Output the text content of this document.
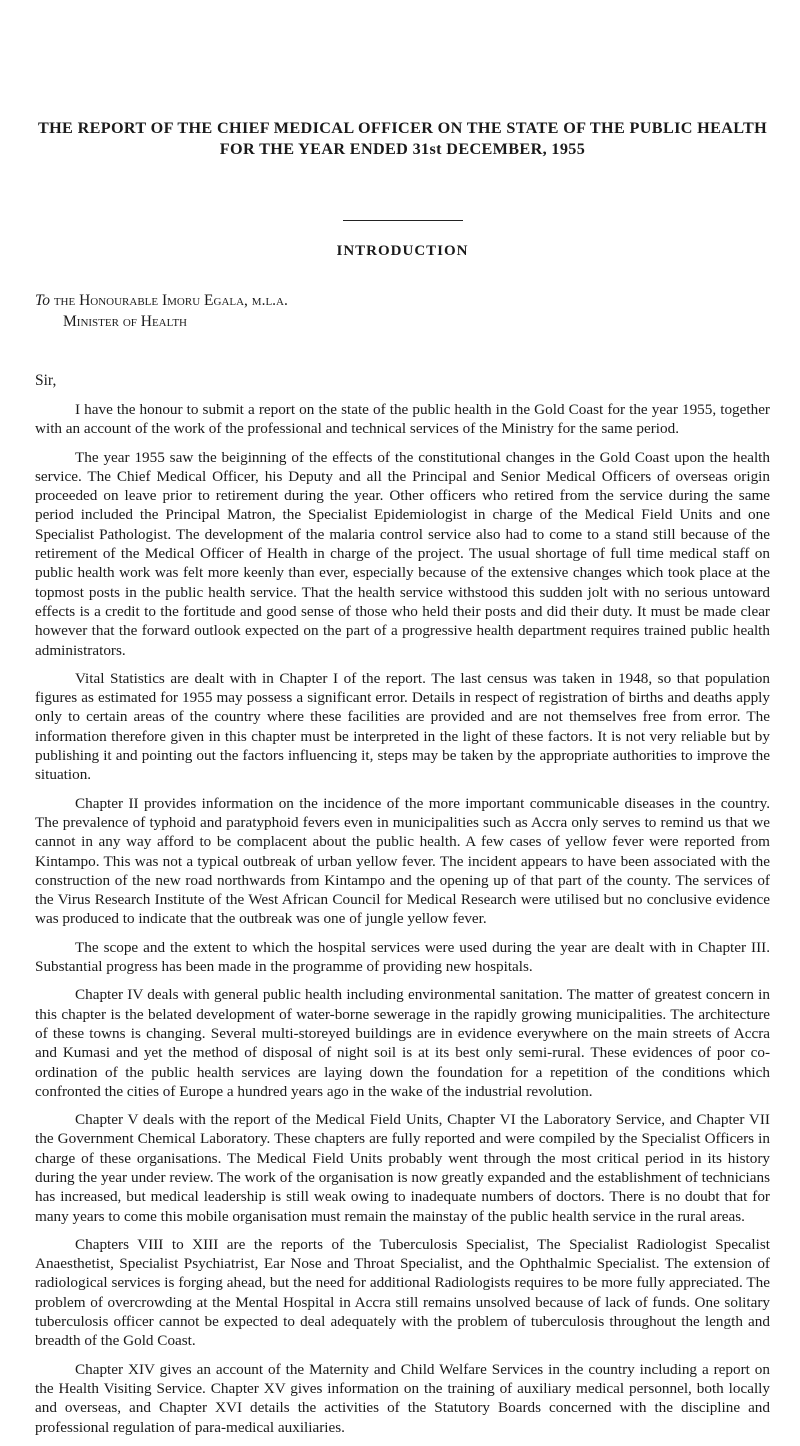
THE REPORT OF THE CHIEF MEDICAL OFFICER ON THE STATE OF THE PUBLIC HEALTH FOR THE YEAR ENDED 31st DECEMBER, 1955
INTRODUCTION
To the Honourable Imoru Egala, m.l.a.
Minister of Health
Sir,

I have the honour to submit a report on the state of the public health in the Gold Coast for the year 1955, together with an account of the work of the professional and technical services of the Ministry for the same period.

The year 1955 saw the beiginning of the effects of the constitutional changes in the Gold Coast upon the health service. The Chief Medical Officer, his Deputy and all the Principal and Senior Medical Officers of overseas origin proceeded on leave prior to retirement during the year. Other officers who retired from the service during the same period included the Principal Matron, the Specialist Epidemiologist in charge of the Medical Field Units and one Specialist Pathologist. The development of the malaria control service also had to come to a stand still because of the retirement of the Medical Officer of Health in charge of the project. The usual shortage of full time medical staff on public health work was felt more keenly than ever, especially because of the extensive changes which took place at the topmost posts in the public health service. That the health service withstood this sudden jolt with no serious untoward effects is a credit to the fortitude and good sense of those who held their posts and did their duty. It must be made clear however that the forward outlook expected on the part of a progressive health department requires trained public health administrators.

Vital Statistics are dealt with in Chapter I of the report. The last census was taken in 1948, so that population figures as estimated for 1955 may possess a significant error. Details in respect of registration of births and deaths apply only to certain areas of the country where these facilities are provided and are not themselves free from error. The information therefore given in this chapter must be interpreted in the light of these factors. It is not very reliable but by publishing it and pointing out the factors influencing it, steps may be taken by the appropriate authorities to improve the situation.

Chapter II provides information on the incidence of the more important communicable diseases in the country. The prevalence of typhoid and paratyphoid fevers even in municipalities such as Accra only serves to remind us that we cannot in any way afford to be complacent about the public health. A few cases of yellow fever were reported from Kintampo. This was not a typical outbreak of urban yellow fever. The incident appears to have been associated with the construction of the new road northwards from Kintampo and the opening up of that part of the county. The services of the Virus Research Institute of the West African Council for Medical Research were utilised but no conclusive evidence was produced to indicate that the outbreak was one of jungle yellow fever.

The scope and the extent to which the hospital services were used during the year are dealt with in Chapter III. Substantial progress has been made in the programme of providing new hospitals.

Chapter IV deals with general public health including environmental sanitation. The matter of greatest concern in this chapter is the belated development of water-borne sewerage in the rapidly growing municipalities. The architecture of these towns is changing. Several multi-storeyed buildings are in evidence everywhere on the main streets of Accra and Kumasi and yet the method of disposal of night soil is at its best only semi-rural. These evidences of poor co-ordination of the public health services are laying down the foundation for a repetition of the conditions which confronted the cities of Europe a hundred years ago in the wake of the industrial revolution.

Chapter V deals with the report of the Medical Field Units, Chapter VI the Laboratory Service, and Chapter VII the Government Chemical Laboratory. These chapters are fully reported and were compiled by the Specialist Officers in charge of these organisations. The Medical Field Units probably went through the most critical period in its history during the year under review. The work of the organisation is now greatly expanded and the establishment of technicians has increased, but medical leadership is still weak owing to inadequate numbers of doctors. There is no doubt that for many years to come this mobile organisation must remain the mainstay of the public health service in the rural areas.

Chapters VIII to XIII are the reports of the Tuberculosis Specialist, The Specialist Radiologist Specalist Anaesthetist, Specialist Psychiatrist, Ear Nose and Throat Specialist, and the Ophthalmic Specialist. The extension of radiological services is forging ahead, but the need for additional Radiologists requires to be more fully appreciated. The problem of overcrowding at the Mental Hospital in Accra still remains unsolved because of lack of funds. One solitary tuberculosis officer cannot be expected to deal adequately with the problem of tuberculosis throughout the length and breadth of the Gold Coast.

Chapter XIV gives an account of the Maternity and Child Welfare Services in the country including a report on the Health Visiting Service. Chapter XV gives information on the training of auxiliary medical personnel, both locally and overseas, and Chapter XVI details the activities of the Statutory Boards concerned with the discipline and professional regulation of para-medical auxiliaries.
